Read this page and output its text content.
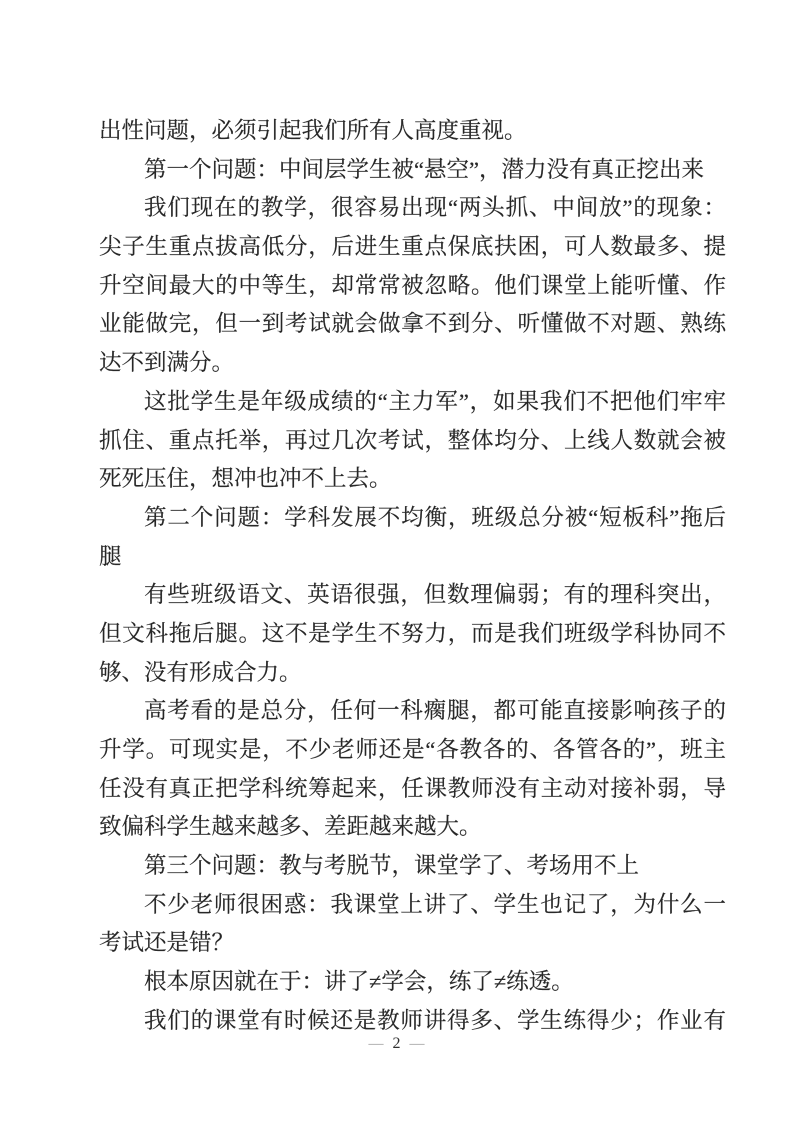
出性问题，必须引起我们所有人高度重视。
第一个问题：中间层学生被“悬空”，潜力没有真正挖出来
我们现在的教学，很容易出现“两头抓、中间放”的现象：
尖子生重点拔高低分，后进生重点保底扶困，可人数最多、提
升空间最大的中等生，却常常被忽略。他们课堂上能听懂、作
业能做完，但一到考试就会做拿不到分、听懂做不对题、熟练
达不到满分。
这批学生是年级成绩的“主力军”，如果我们不把他们牢牢
抓住、重点托举，再过几次考试，整体均分、上线人数就会被
死死压住，想冲也冲不上去。
第二个问题：学科发展不均衡，班级总分被“短板科”拖后
腿
有些班级语文、英语很强，但数理偏弱；有的理科突出，
但文科拖后腿。这不是学生不努力，而是我们班级学科协同不
够、没有形成合力。
高考看的是总分，任何一科瘸腿，都可能直接影响孩子的
升学。可现实是，不少老师还是“各教各的、各管各的”，班主
任没有真正把学科统筹起来，任课教师没有主动对接补弱，导
致偏科学生越来越多、差距越来越大。
第三个问题：教与考脱节，课堂学了、考场用不上
不少老师很困惑：我课堂上讲了、学生也记了，为什么一
考试还是错？
根本原因就在于：讲了≠学会，练了≠练透。
我们的课堂有时候还是教师讲得多、学生练得少；作业有
— 2 —
